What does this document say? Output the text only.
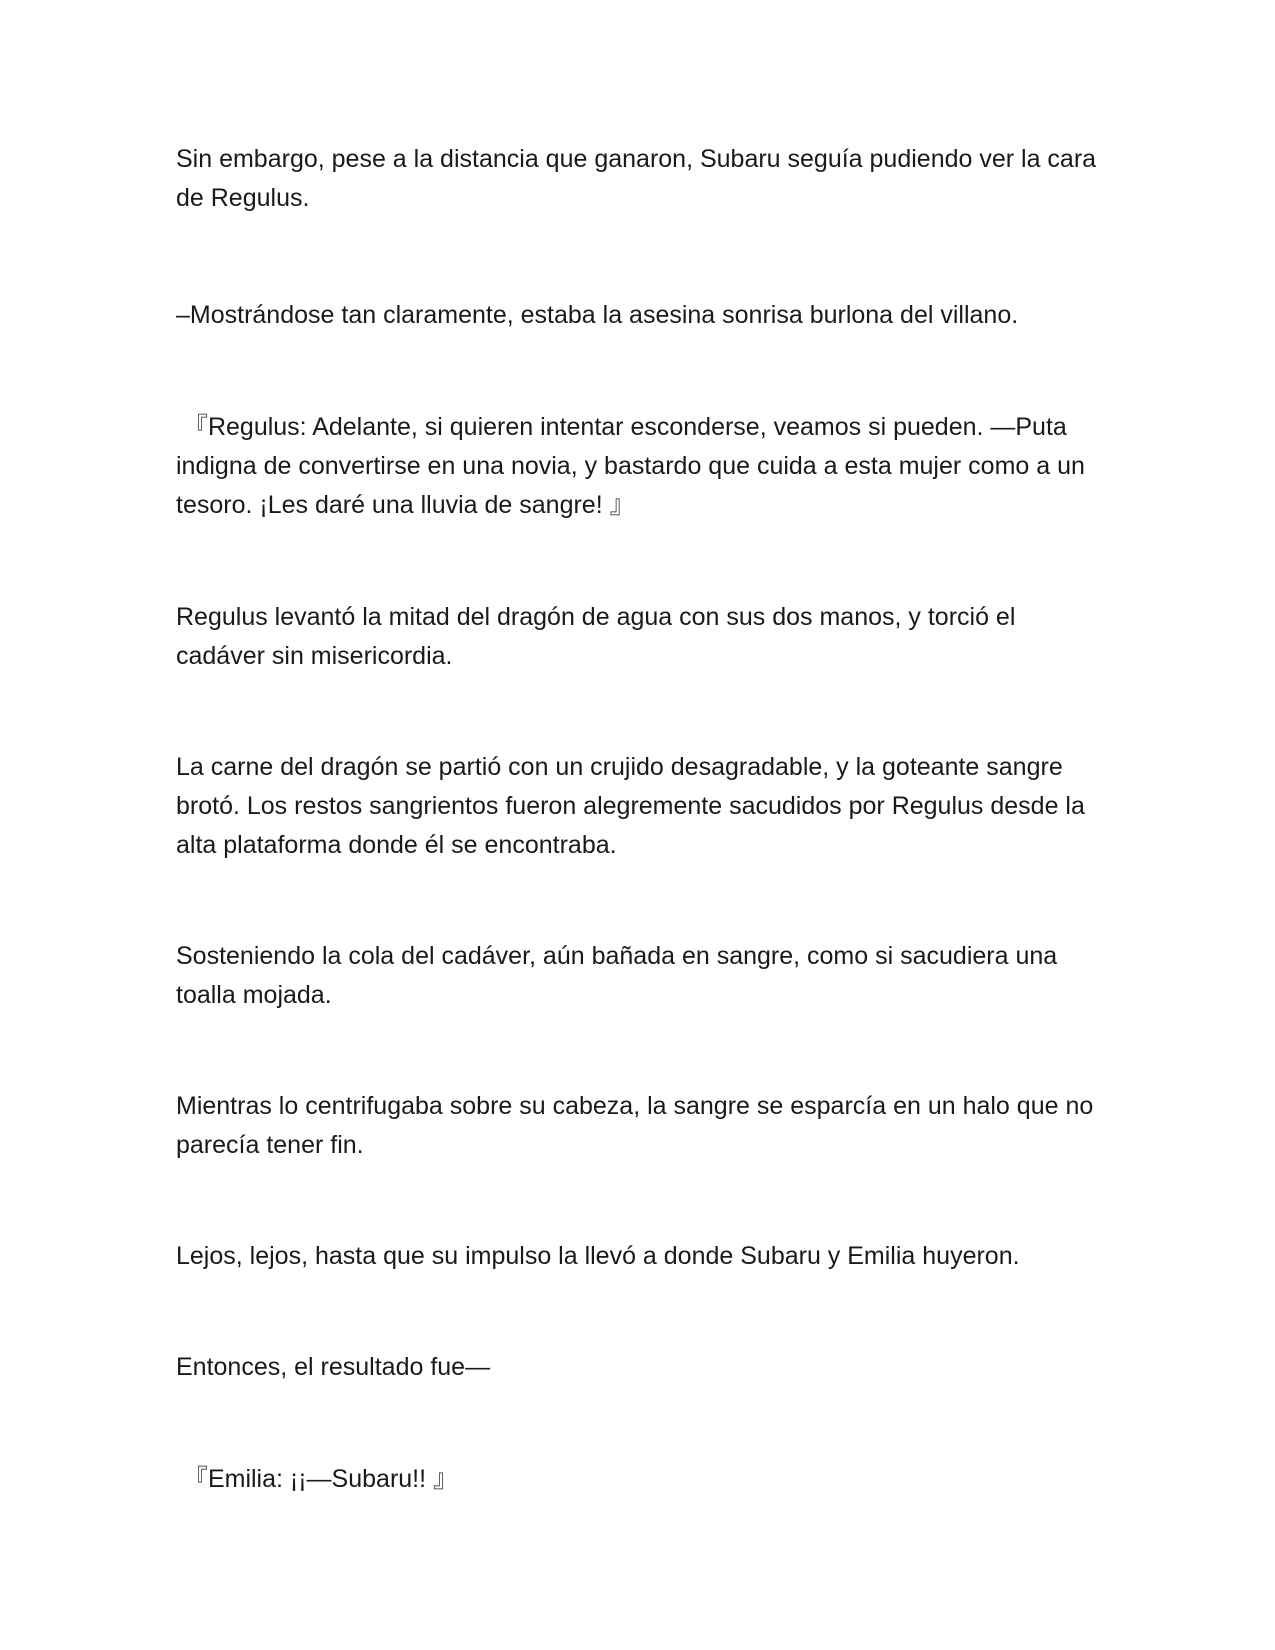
Sin embargo, pese a la distancia que ganaron, Subaru seguía pudiendo ver la cara de Regulus.

–Mostrándose tan claramente, estaba la asesina sonrisa burlona del villano.

『Regulus: Adelante, si quieren intentar esconderse, veamos si pueden. —Puta indigna de convertirse en una novia, y bastardo que cuida a esta mujer como a un tesoro. ¡Les daré una lluvia de sangre! 』

Regulus levantó la mitad del dragón de agua con sus dos manos, y torció el cadáver sin misericordia.

La carne del dragón se partió con un crujido desagradable, y la goteante sangre brotó. Los restos sangrientos fueron alegremente sacudidos por Regulus desde la alta plataforma donde él se encontraba.

Sosteniendo la cola del cadáver, aún bañada en sangre, como si sacudiera una toalla mojada.

Mientras lo centrifugaba sobre su cabeza, la sangre se esparcía en un halo que no parecía tener fin.

Lejos, lejos, hasta que su impulso la llevó a donde Subaru y Emilia huyeron.

Entonces, el resultado fue—

『Emilia: ¡¡—Subaru!! 』
